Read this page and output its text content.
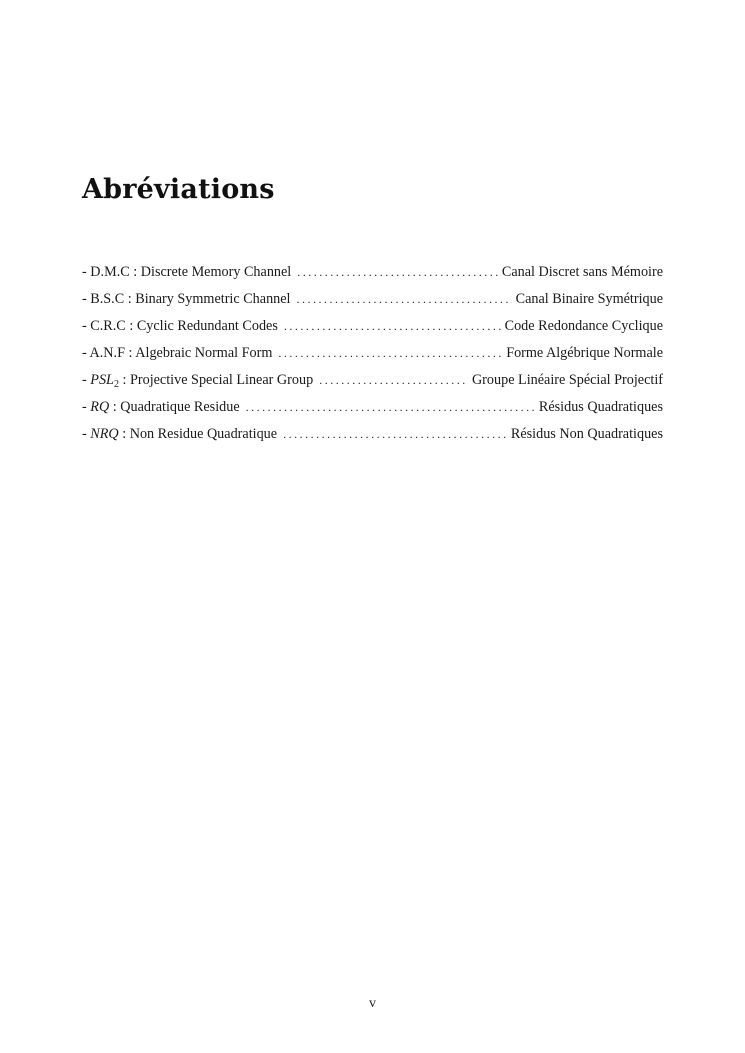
Abréviations
- D.M.C : Discrete Memory Channel . . .	Canal Discret sans Mémoire
- B.S.C : Binary Symmetric Channel . . .	Canal Binaire Symétrique
- C.R.C : Cyclic Redundant Codes . . .	Code Redondance Cyclique
- A.N.F : Algebraic Normal Form . . .	Forme Algébrique Normale
- $PSL_2$ : Projective Special Linear Group . . .	Groupe Linéaire Spécial Projectif
- RQ : Quadratique Residue . . .	Résidus Quadratiques
- NRQ : Non Residue Quadratique . . .	Résidus Non Quadratiques
v
